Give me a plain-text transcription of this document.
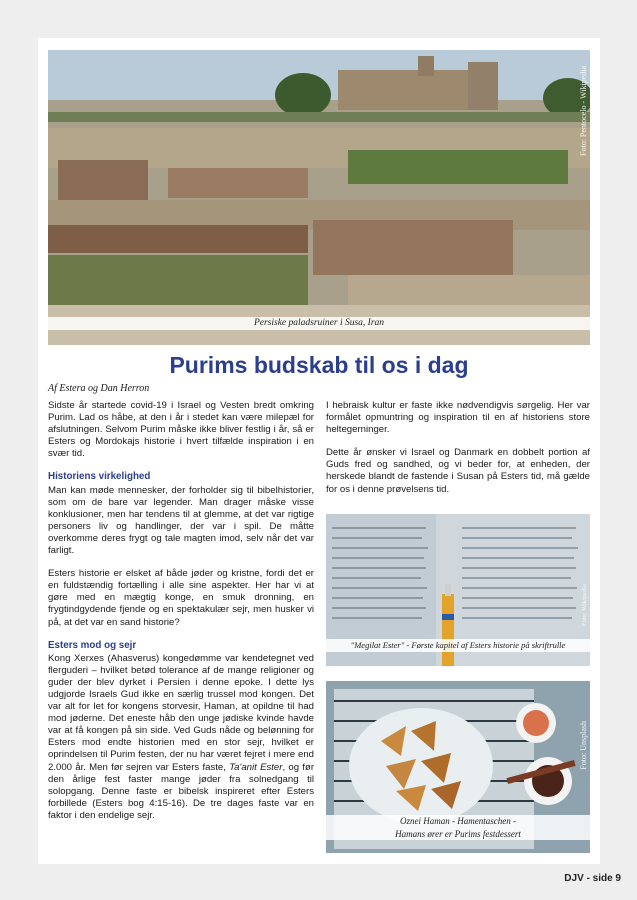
Persiske paladsruiner i Susa, Iran
Foto: Pentocelo - Wikipedia
Purims budskab til os i dag
Af Estera og Dan Herron

Sidste år startede covid-19 i Israel og Vesten bredt omkring Purim. Lad os håbe, at den i år i stedet kan være milepæl for afslutningen. Selvom Purim måske ikke bliver festlig i år, så er Esters og Mordokajs historie i hvert tilfælde inspiration i en svær tid.

Historiens virkelighed

Man kan møde mennesker, der forholder sig til bibelhistorier, som om de bare var legender. Man drager måske visse konklusioner, men har tendens til at glemme, at det var rigtige personers liv og handlinger, der var i spil. De måtte overkomme deres frygt og tale magten imod, selv når det var farligt.

Esters historie er elsket af både jøder og kristne, fordi det er en fuldstændig fortælling i alle sine aspekter. Her har vi at gøre med en mægtig konge, en smuk dronning, en frygtindgydende fjende og en spektakulær sejr, men husker vi på, at det var en sand historie?

Esters mod og sejr

Kong Xerxes (Ahasverus) kongedømme var kendetegnet ved flerguderi – hvilket betød tolerance af de mange religioner og guder der blev dyrket i Persien i denne epoke. I dette lys udgjorde Israels Gud ikke en særlig trussel mod kongen. Det var alt for let for kongens storvesir, Haman, at opildne til had mod jøderne. Det eneste håb den unge jødiske kvinde havde var at få kongen på sin side. Ved Guds nåde og belønning for Esters mod endte historien med en stor sejr, hvilket er oprindelsen til Purim festen, der nu har været fejret i mere end 2.000 år. Men før sejren var Esters faste, Ta'anit Ester, og før den årlige fest faster mange jøder fra solnedgang til solopgang. Denne faste er bibelsk inspireret efter Esters forbillede (Esters bog 4:15-16). De tre dages faste var en faktor i den endelige sejr.

I hebraisk kultur er faste ikke nødvendigvis sørgelig. Her var formålet opmuntring og inspiration til en af historiens store heltegerninger.

Dette år ønsker vi Israel og Danmark en dobbelt portion af Guds fred og sandhed, og vi beder for, at enheden, der herskede blandt de fastende i Susan på Esters tid, må gælde for os i denne prøvelsens tid.

"Megilat Ester" - Første kapitel af Esters historie på skriftrulle
Foto: Wikipedia
Oznei Haman - Hamentaschen -
Hamans ører er Purims festdessert
Foto: Unsplash
DJV - side 9
